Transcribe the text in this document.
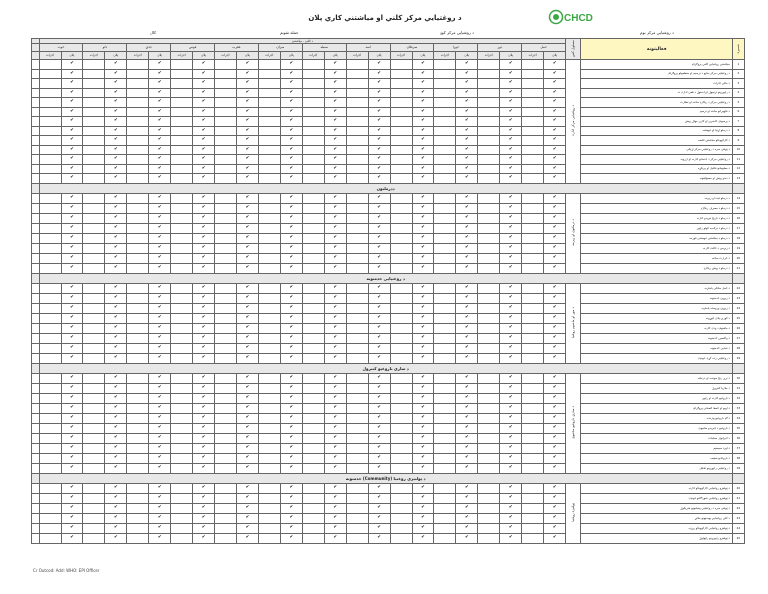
CHCD
د روغتيايي مرکز کلني او مياشتني کاري پلان
کال	د روغتيايي مرکز کوډ	د روغتيايي مرکز نوم
جمله تقويم
	د کلنئ - مياشتنئ																								مسئول کس	فعاليتونه	شميره
	حوت		دلو		جدي		قوس		عقرب		ميزان		سنبله		اسد		سرطان		جوزا		ثور		حمل				
	اجرات	پلان	اجرات	پلان	اجرات	پلان	اجرات	پلان	اجرات	پلان	اجرات	پلان	اجرات	پلان	اجرات	پلان	اجرات	پلان	اجرات	پلان	اجرات	پلان	اجرات	پلان			
		✔		✔		✔		✔		✔		✔		✔		✔		✔		✔		✔		✔	د روغتيايي مرکز اداره	مياشتني روغتيايي کلني پروګرام	1
		✔		✔		✔		✔		✔		✔		✔		✔		✔		✔		✔		✔		د روغتيايي مرکز منابع د ترسيم او منظمولو پروګرام	2
		✔		✔		✔		✔		✔		✔		✔		✔		✔		✔		✔		✔		د مالي اجرات	3
		✔		✔		✔		✔		✔		✔		✔		✔		✔		✔		✔		✔		د راپورونو ترتيبول او استول د هغي ادارې ته	4
		✔		✔		✔		✔		✔		✔		✔		✔		✔		✔		✔		✔		د روغتيايي مرکز د ريکارډ ساتنه او نظارت	5
		✔		✔		✔		✔		✔		✔		✔		✔		✔		✔		✔		✔		د تجهيزاتو ساتنه او ترميم	6
		✔		✔		✔		✔		✔		✔		✔		✔		✔		✔		✔		✔		د پرسونل حاضري او کاري مهال ويش	7
		✔		✔		✔		✔		✔		✔		✔		✔		✔		✔		✔		✔		د درملو اړتيا او غوښتنه	8
		✔		✔		✔		✔		✔		✔		✔		✔		✔		✔		✔		✔		د کارکوونکو مياشتنۍ جلسه	9
		✔		✔		✔		✔		✔		✔		✔		✔		✔		✔		✔		✔		د ټولنې سره د روغتيايي مرکز اړيکې	10
		✔		✔		✔		✔		✔		✔		✔		✔		✔		✔		✔		✔		د روغتيايي مرکز د خدماتو څارنه او ارزونه	11
		✔		✔		✔		✔		✔		✔		✔		✔		✔		✔		✔		✔		د معلوماتو تحليل او پريکړه	12
		✔		✔		✔		✔		✔		✔		✔		✔		✔		✔		✔		✔		د دندو وېش او مسؤليتونه	13
	ددرملتون																										
		✔		✔		✔		✔		✔		✔		✔		✔		✔		✔		✔		✔	د درملتون او زيرمه	د درملو ثبت او زيرمه	14
		✔		✔		✔		✔		✔		✔		✔		✔		✔		✔		✔		✔		د درملو د مصرف ريکارډ	15
		✔		✔		✔		✔		✔		✔		✔		✔		✔		✔		✔		✔		د درملو د تاريخ تېريدو څارنه	16
		✔		✔		✔		✔		✔		✔		✔		✔		✔		✔		✔		✔		د درملو د ترلاسه کولو راپور	17
		✔		✔		✔		✔		✔		✔		✔		✔		✔		✔		✔		✔		د درملو د مياشتني غوښتنې فورمه	18
		✔		✔		✔		✔		✔		✔		✔		✔		✔		✔		✔		✔		د زيرمې د حالت څارنه	19
		✔		✔		✔		✔		✔		✔		✔		✔		✔		✔		✔		✔		د حرارت ساتنه	20
		✔		✔		✔		✔		✔		✔		✔		✔		✔		✔		✔		✔		د درملو د وېش ريکارډ	21
	د روغتيايي خدمتونه																										
		✔		✔		✔		✔		✔		✔		✔		✔		✔		✔		✔		✔	د مور او ماشوم روغتيا	د حمل مخکې پاملرنه	22
		✔		✔		✔		✔		✔		✔		✔		✔		✔		✔		✔		✔		د زيږون خدمتونه	23
		✔		✔		✔		✔		✔		✔		✔		✔		✔		✔		✔		✔		د زيږون وروسته پاملرنه	24
		✔		✔		✔		✔		✔		✔		✔		✔		✔		✔		✔		✔		د کورنۍ پلان جوړونه	25
		✔		✔		✔		✔		✔		✔		✔		✔		✔		✔		✔		✔		د ماشوم د ودې څارنه	26
		✔		✔		✔		✔		✔		✔		✔		✔		✔		✔		✔		✔		د واکسين خدمتونه	27
		✔		✔		✔		✔		✔		✔		✔		✔		✔		✔		✔		✔		د تغذيې خدمتونه	28
		✔		✔		✔		✔		✔		✔		✔		✔		✔		✔		✔		✔		د روغتيايي زده کړې غونډې	29
	د ساري ناروغيو کنترول																										
		✔		✔		✔		✔		✔		✔		✔		✔		✔		✔		✔		✔	د ساري ناروغيو مخنيوی	د نري رنځ موندنه او درملنه	30
		✔		✔		✔		✔		✔		✔		✔		✔		✔		✔		✔		✔		د ملاريا کنترول	31
		✔		✔		✔		✔		✔		✔		✔		✔		✔		✔		✔		✔		د ناروغيو څارنه او راپور	32
		✔		✔		✔		✔		✔		✔		✔		✔		✔		✔		✔		✔		د اوبو او حفظ الصحې پروګرام	33
		✔		✔		✔		✔		✔		✔		✔		✔		✔		✔		✔		✔		د ګډ ناروغيو پېژندنه	34
		✔		✔		✔		✔		✔		✔		✔		✔		✔		✔		✔		✔		د ناروغيو د خپرېدو مخنيوی	35
		✔		✔		✔		✔		✔		✔		✔		✔		✔		✔		✔		✔		د لابراتوار معاينات	36
		✔		✔		✔		✔		✔		✔		✔		✔		✔		✔		✔		✔		د ليږد سيسټم	37
		✔		✔		✔		✔		✔		✔		✔		✔		✔		✔		✔		✔		د ناروغانو تعقيب	38
		✔		✔		✔		✔		✔		✔		✔		✔		✔		✔		✔		✔		د روغتيايي راپورونو تحليل	39
	د ټولنيزې روغتيا (Community) خدمتونه																										
		✔		✔		✔		✔		✔		✔		✔		✔		✔		✔		✔		✔	ټولنيزه روغتيا	د ټولنيزو روغتيايي کارکوونکو څارنه	40
		✔		✔		✔		✔		✔		✔		✔		✔		✔		✔		✔		✔		د ټولنيزو روغتيايي شوراګانو غونډې	41
		✔		✔		✔		✔		✔		✔		✔		✔		✔		✔		✔		✔		د ټولنې سره د روغتيايي پيغامونو شريکول	42
		✔		✔		✔		✔		✔		✔		✔		✔		✔		✔		✔		✔		د کلي روغتيايي پوسټونو ملاتړ	43
		✔		✔		✔		✔		✔		✔		✔		✔		✔		✔		✔		✔		د ټولنيزو روغتيايي کارکوونکو روزنه	44
		✔		✔		✔		✔		✔		✔		✔		✔		✔		✔		✔		✔		د ټولنيزو راپورونو راټولول	45
Cr Outcod: Add: WHO: EPI Officer
